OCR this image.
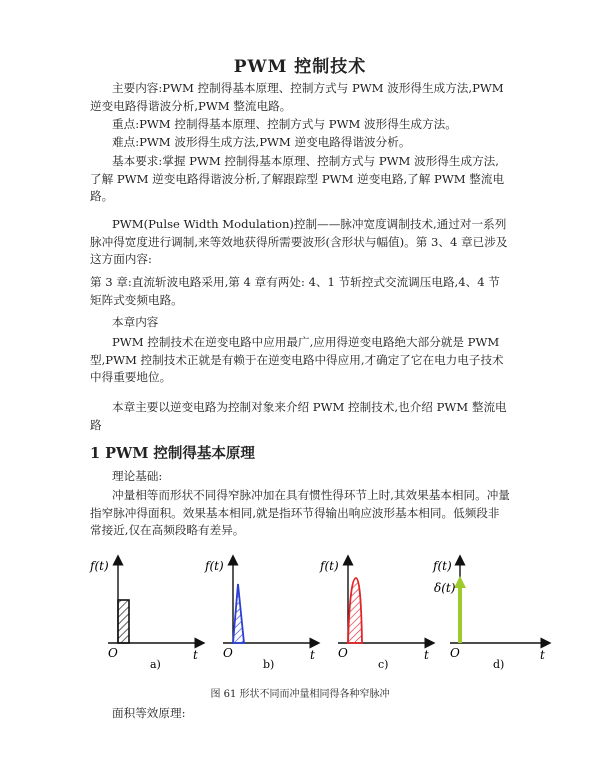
PWM 控制技术

主要内容:PWM 控制得基本原理、控制方式与 PWM 波形得生成方法,PWM 逆变电路得谐波分析,PWM 整流电路。

重点:PWM 控制得基本原理、控制方式与 PWM 波形得生成方法。

难点:PWM 波形得生成方法,PWM 逆变电路得谐波分析。

基本要求:掌握 PWM 控制得基本原理、控制方式与 PWM 波形得生成方法,了解 PWM 逆变电路得谐波分析,了解跟踪型 PWM 逆变电路,了解 PWM 整流电路。

PWM(Pulse Width Modulation)控制——脉冲宽度调制技术,通过对一系列脉冲得宽度进行调制,来等效地获得所需要波形(含形状与幅值)。第 3、4 章已涉及这方面内容:

第 3 章:直流斩波电路采用,第 4 章有两处: 4、1 节斩控式交流调压电路,4、4 节矩阵式变频电路。

本章内容

PWM 控制技术在逆变电路中应用最广,应用得逆变电路绝大部分就是 PWM 型,PWM 控制技术正就是有赖于在逆变电路中得应用,才确定了它在电力电子技术中得重要地位。

本章主要以逆变电路为控制对象来介绍 PWM 控制技术,也介绍 PWM 整流电路

1 PWM 控制得基本原理

理论基础:

冲量相等而形状不同得窄脉冲加在具有惯性得环节上时,其效果基本相同。冲量指窄脉冲得面积。效果基本相同,就是指环节得输出响应波形基本相同。低频段非常接近,仅在高频段略有差异。

f(t)
O	t
a)
f(t)
O	t
b)
f(t)
O	t
c)
f(t)
δ(t)
O	t
d)
图 61 形状不同而冲量相同得各种窄脉冲
面积等效原理:
